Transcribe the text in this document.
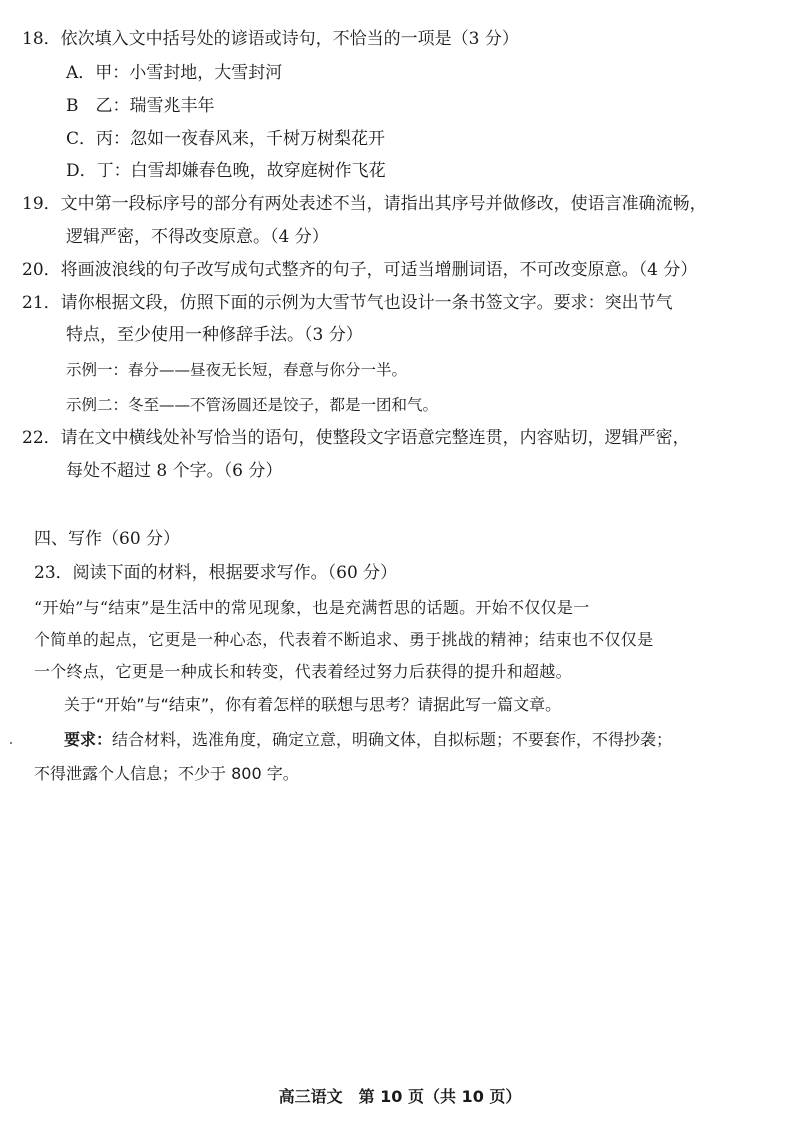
18．依次填入文中括号处的谚语或诗句，不恰当的一项是（3 分）
A．甲：小雪封地，大雪封河
B　乙：瑞雪兆丰年
C．丙：忽如一夜春风来，千树万树梨花开
D．丁：白雪却嫌春色晚，故穿庭树作飞花
19．文中第一段标序号的部分有两处表述不当，请指出其序号并做修改，使语言准确流畅，
逻辑严密，不得改变原意。（4 分）
20．将画波浪线的句子改写成句式整齐的句子，可适当增删词语，不可改变原意。（4 分）
21．请你根据文段，仿照下面的示例为大雪节气也设计一条书签文字。要求：突出节气
特点，至少使用一种修辞手法。（3 分）
示例一：春分——昼夜无长短，春意与你分一半。
示例二：冬至——不管汤圆还是饺子，都是一团和气。
22．请在文中横线处补写恰当的语句，使整段文字语意完整连贯，内容贴切，逻辑严密，
每处不超过 8 个字。（6 分）
四、写作（60 分）
23．阅读下面的材料，根据要求写作。（60 分）
“开始”与“结束”是生活中的常见现象，也是充满哲思的话题。开始不仅仅是一
个简单的起点，它更是一种心态，代表着不断追求、勇于挑战的精神；结束也不仅仅是
一个终点，它更是一种成长和转变，代表着经过努力后获得的提升和超越。
关于“开始”与“结束”，你有着怎样的联想与思考？请据此写一篇文章。
要求：结合材料，选准角度，确定立意，明确文体，自拟标题；不要套作，不得抄袭；
不得泄露个人信息；不少于 800 字。
高三语文　第 10 页（共 10 页）
